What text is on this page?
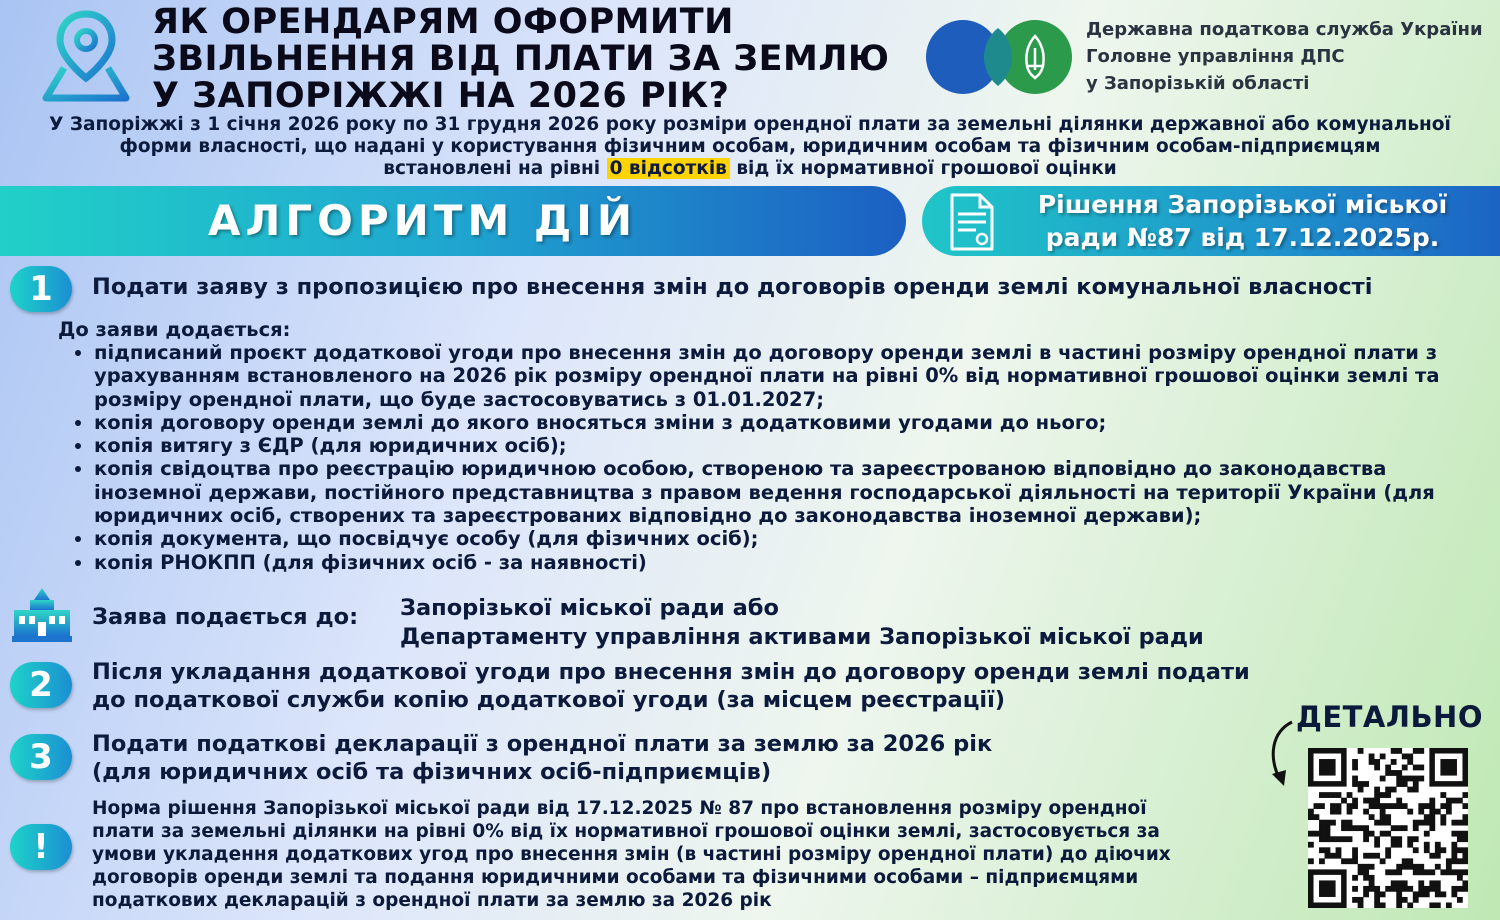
ЯК ОРЕНДАРЯМ ОФОРМИТИ
ЗВІЛЬНЕННЯ ВІД ПЛАТИ ЗА ЗЕМЛЮ
У ЗАПОРІЖЖІ НА 2026 РІК?
Державна податкова служба України
Головне управління ДПС
у Запорізькій області
У Запоріжжі з 1 січня 2026 року по 31 грудня 2026 року розміри орендної плати за земельні ділянки державної або комунальної
форми власності, що надані у користування фізичним особам, юридичним особам та фізичним особам-підприємцям
встановлені на рівні 0 відсотків від їх нормативної грошової оцінки
АЛГОРИТМ ДІЙ	Рішення Запорізької міської
ради №87 від 17.12.2025р.
1	Подати заяву з пропозицією про внесення змін до договорів оренди землі комунальної власності
До заяви додається:
• підписаний проєкт додаткової угоди про внесення змін до договору оренди землі в частині розміру орендної плати з урахуванням встановленого на 2026 рік розміру орендної плати на рівні 0% від нормативної грошової оцінки землі та розміру орендної плати, що буде застосовуватись з 01.01.2027;
• копія договору оренди землі до якого вносяться зміни з додатковими угодами до нього;
• копія витягу з ЄДР (для юридичних осіб);
• копія свідоцтва про реєстрацію юридичною особою, створеною та зареєстрованою відповідно до законодавства іноземної держави, постійного представництва з правом ведення господарської діяльності на території України (для юридичних осіб, створених та зареєстрованих відповідно до законодавства іноземної держави);
• копія документа, що посвідчує особу (для фізичних осіб);
• копія РНОКПП (для фізичних осіб - за наявності)
Заява подається до: Запорізької міської ради або
Департаменту управління активами Запорізької міської ради
2	Після укладання додаткової угоди про внесення змін до договору оренди землі подати
до податкової служби копію додаткової угоди (за місцем реєстрації)
3	Подати податкові декларації з орендної плати за землю за 2026 рік
(для юридичних осіб та фізичних осіб-підприємців)
!
Норма рішення Запорізької міської ради від 17.12.2025 № 87 про встановлення розміру орендної
плати за земельні ділянки на рівні 0% від їх нормативної грошової оцінки землі, застосовується за
умови укладення додаткових угод про внесення змін (в частині розміру орендної плати) до діючих
договорів оренди землі та подання юридичними особами та фізичними особами – підприємцями
податкових декларацій з орендної плати за землю за 2026 рік
ДЕТАЛЬНО
